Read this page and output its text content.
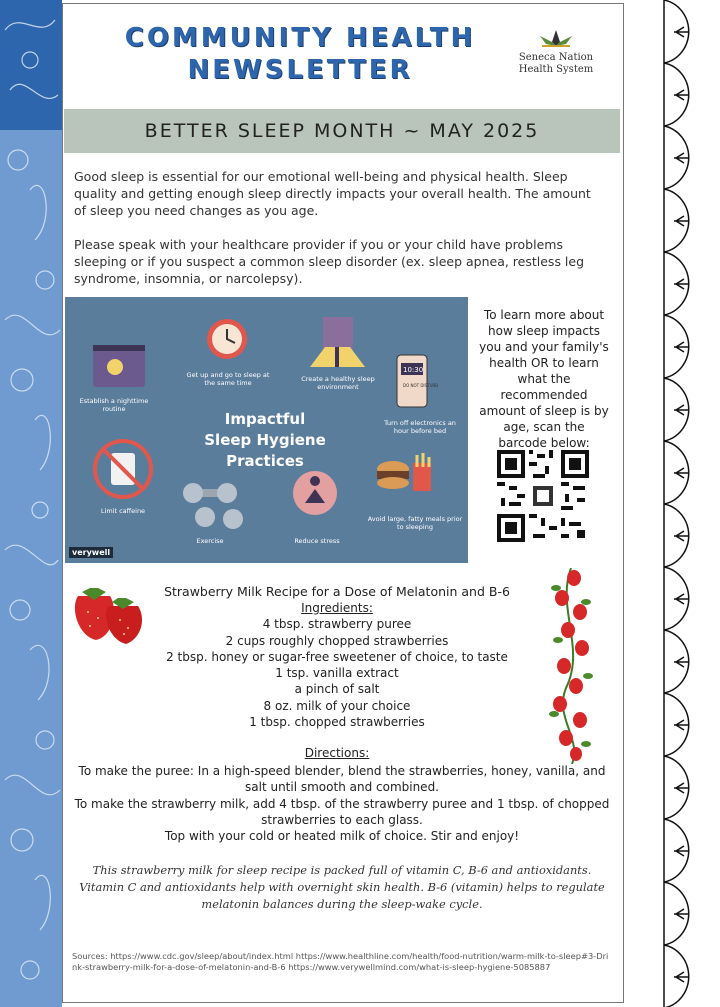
COMMUNITY HEALTH
NEWSLETTER	Seneca Nation
Health System
BETTER SLEEP MONTH ~ MAY 2025

Good sleep is essential for our emotional well-being and physical health. Sleep quality and getting enough sleep directly impacts your overall health. The amount of sleep you need changes as you age.

Please speak with your healthcare provider if you or your child have problems sleeping or if you suspect a common sleep disorder (ex. sleep apnea, restless leg syndrome, insomnia, or narcolepsy).

10:30
DO NOT DISTURB
Impactful
Sleep Hygiene Practices
Establish a nighttime routine
Get up and go to sleep at the same time	Create a healthy sleep environment
Turn off electronics an hour before bed
Limit caffeine
Exercise	Reduce stress
Avoid large, fatty meals prior to sleeping
verywell
To learn more about how sleep impacts you and your family's health OR to learn what the recommended amount of sleep is by age, scan the barcode below:
Strawberry Milk Recipe for a Dose of Melatonin and B-6
Ingredients:
4 tbsp. strawberry puree
2 cups roughly chopped strawberries
2 tbsp. honey or sugar-free sweetener of choice, to taste
1 tsp. vanilla extract
a pinch of salt
8 oz. milk of your choice
1 tbsp. chopped strawberries
Directions:
To make the puree: In a high-speed blender, blend the strawberries, honey, vanilla, and salt until smooth and combined.
To make the strawberry milk, add 4 tbsp. of the strawberry puree and 1 tbsp. of chopped strawberries to each glass.
Top with your cold or heated milk of choice. Stir and enjoy!
This strawberry milk for sleep recipe is packed full of vitamin C, B-6 and antioxidants. Vitamin C and antioxidants help with overnight skin health. B-6 (vitamin) helps to regulate melatonin balances during the sleep-wake cycle.
Sources: https://www.cdc.gov/sleep/about/index.html https://www.healthline.com/health/food-nutrition/warm-milk-to-sleep#3-Drink-strawberry-milk-for-a-dose-of-melatonin-and-B-6 https://www.verywellmind.com/what-is-sleep-hygiene-5085887
